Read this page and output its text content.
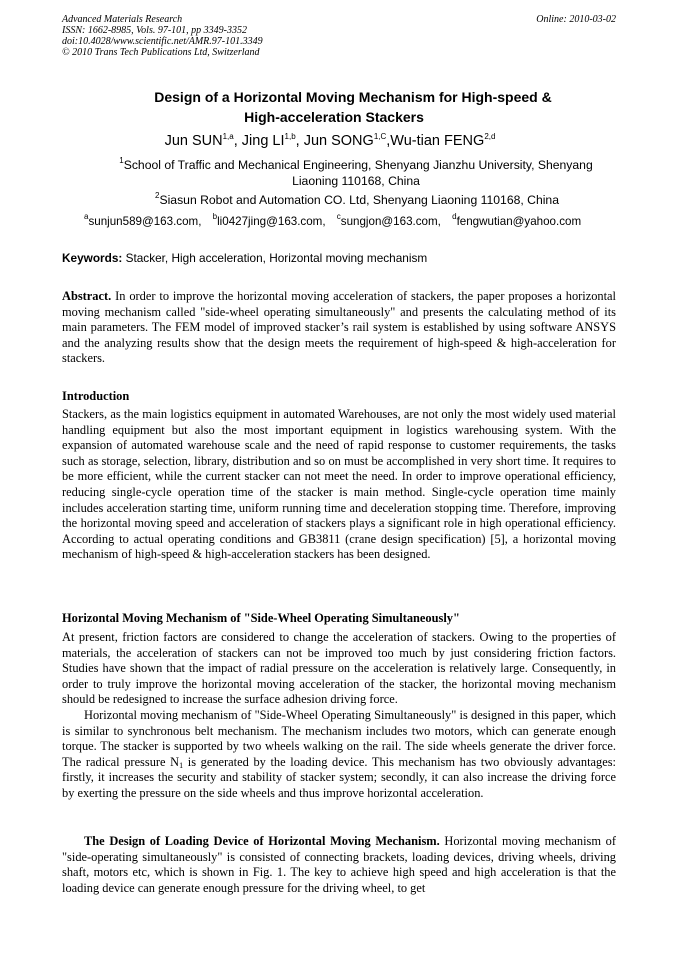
Advanced Materials Research
ISSN: 1662-8985, Vols. 97-101, pp 3349-3352
doi:10.4028/www.scientific.net/AMR.97-101.3349
© 2010 Trans Tech Publications Ltd, Switzerland
Online: 2010-03-02
Design of a Horizontal Moving Mechanism for High-speed &
High-acceleration Stackers
Jun SUN$^{1,a}$, Jing LI$^{1,b}$, Jun $SONG^{1,C},Wu$-tian FENG$^{2,d}$
$^1$School of Traffic and Mechanical Engineering, Shenyang Jianzhu University, Shenyang
Liaoning 110168, China
$^2$Siasun Robot and Automation CO. Ltd, Shenyang Liaoning 110168, China
$^a$sunjun589@163.com, $^b$li0427jing@163.com, $^c$sungjon@163.com, $^d$fengwutian@yahoo.com
Keywords: Stacker, High acceleration, Horizontal moving mechanism

Abstract. In order to improve the horizontal moving acceleration of stackers, the paper proposes a horizontal moving mechanism called "side-wheel operating simultaneously" and presents the calculating method of its main parameters. The FEM model of improved stacker’s rail system is established by using software ANSYS and the analyzing results show that the design meets the requirement of high-speed & high-acceleration for stackers.

Introduction

Stackers, as the main logistics equipment in automated Warehouses, are not only the most widely used material handling equipment but also the most important equipment in logistics warehousing system. With the expansion of automated warehouse scale and the need of rapid response to customer requirements, the tasks such as storage, selection, library, distribution and so on must be accomplished in very short time. It requires to be more efficient, while the current stacker can not meet the need. In order to improve operational efficiency, reducing single-cycle operation time of the stacker is main method. Single-cycle operation time mainly includes acceleration starting time, uniform running time and deceleration stopping time. Therefore, improving the horizontal moving speed and acceleration of stackers plays a significant role in high operational efficiency. According to actual operating conditions and GB3811 (crane design specification) [5], a horizontal moving mechanism of high-speed & high-acceleration stackers has been designed.

Horizontal Moving Mechanism of "Side-Wheel Operating Simultaneously"

At present, friction factors are considered to change the acceleration of stackers. Owing to the properties of materials, the acceleration of stackers can not be improved too much by just considering friction factors. Studies have shown that the impact of radial pressure on the acceleration is relatively large. Consequently, in order to truly improve the horizontal moving acceleration of the stacker, the horizontal moving mechanism should be redesigned to increase the surface adhesion driving force.

Horizontal moving mechanism of "Side-Wheel Operating Simultaneously" is designed in this paper, which is similar to synchronous belt mechanism. The mechanism includes two motors, which can generate enough torque. The stacker is supported by two wheels walking on the rail. The side wheels generate the driver force. The radical pressure $N_1$ is generated by the loading device. This mechanism has two obviously advantages: firstly, it increases the security and stability of stacker system; secondly, it can also increase the driving force by exerting the pressure on the side wheels and thus improve horizontal acceleration.

The Design of Loading Device of Horizontal Moving Mechanism. Horizontal moving mechanism of "side-operating simultaneously" is consisted of connecting brackets, loading devices, driving wheels, driving shaft, motors etc, which is shown in Fig. 1. The key to achieve high speed and high acceleration is that the loading device can generate enough pressure for the driving wheel, to get
